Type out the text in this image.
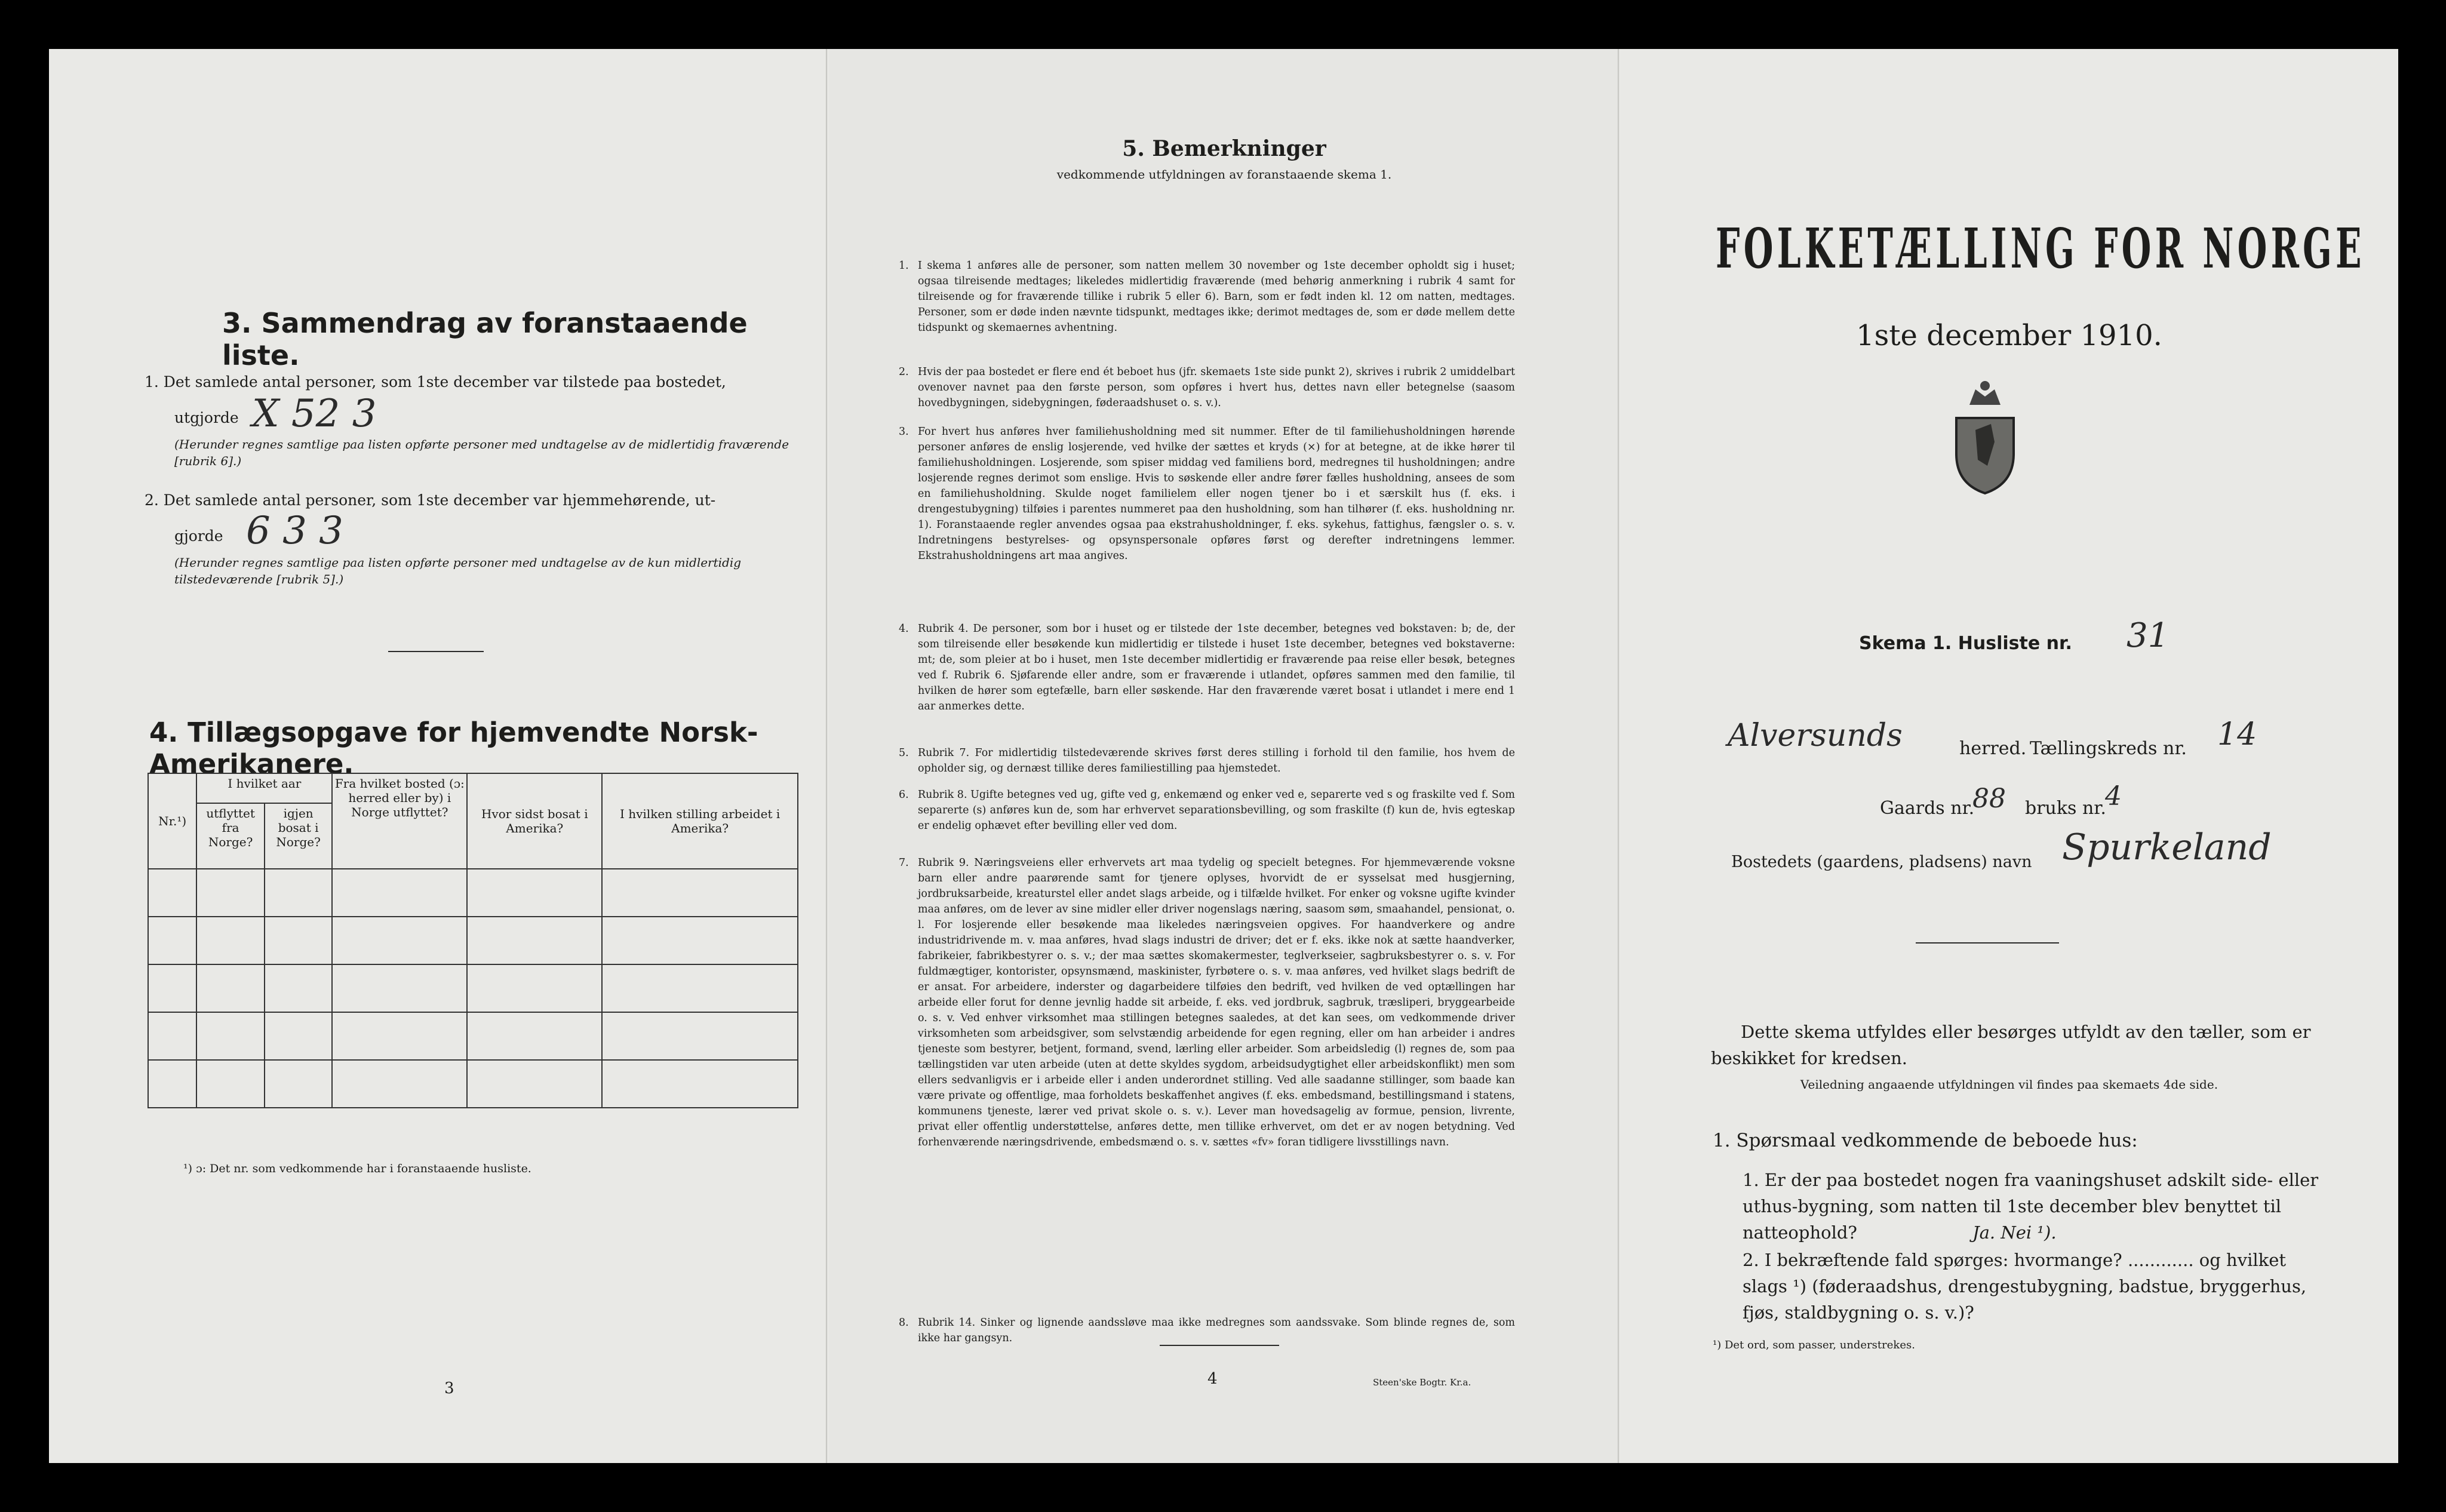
3. Sammendrag av foranstaaende liste.
1. Det samlede antal personer, som 1ste december var tilstede paa bostedet,
utgjorde X 52 3
(Herunder regnes samtlige paa listen opførte personer med undtagelse av de midlertidig fraværende [rubrik 6].)
2. Det samlede antal personer, som 1ste december var hjemmehørende, ut-
gjorde 6 3 3
(Herunder regnes samtlige paa listen opførte personer med undtagelse av de kun midlertidig tilstedeværende [rubrik 5].)
4. Tillægsopgave for hjemvendte Norsk-Amerikanere.
Nr.¹)	I hvilket aar		Fra hvilket bosted (ɔ: herred eller by) i Norge utflyttet?	Hvor sidst bosat i Amerika?	I hvilken stilling arbeidet i Amerika?
	utflyttet fra Norge?	igjen bosat i Norge?			

¹) ɔ: Det nr. som vedkommende har i foranstaaende husliste.
3
5. Bemerkninger
vedkommende utfyldningen av foranstaaende skema 1.
1. I skema 1 anføres alle de personer, som natten mellem 30 november og 1ste december opholdt sig i huset; ogsaa tilreisende medtages; likeledes midlertidig fraværende (med behørig anmerkning i rubrik 4 samt for tilreisende og for fraværende tillike i rubrik 5 eller 6). Barn, som er født inden kl. 12 om natten, medtages. Personer, som er døde inden nævnte tidspunkt, medtages ikke; derimot medtages de, som er døde mellem dette tidspunkt og skemaernes avhentning.
2. Hvis der paa bostedet er flere end ét beboet hus (jfr. skemaets 1ste side punkt 2), skrives i rubrik 2 umiddelbart ovenover navnet paa den første person, som opføres i hvert hus, dettes navn eller betegnelse (saasom hovedbygningen, sidebygningen, føderaadshuset o. s. v.).
3. For hvert hus anføres hver familiehusholdning med sit nummer. Efter de til familiehusholdningen hørende personer anføres de enslig losjerende, ved hvilke der sættes et kryds (×) for at betegne, at de ikke hører til familiehusholdningen. Losjerende, som spiser middag ved familiens bord, medregnes til husholdningen; andre losjerende regnes derimot som enslige. Hvis to søskende eller andre fører fælles husholdning, ansees de som en familiehusholdning. Skulde noget familielem eller nogen tjener bo i et særskilt hus (f. eks. i drengestubygning) tilføies i parentes nummeret paa den husholdning, som han tilhører (f. eks. husholdning nr. 1). Foranstaaende regler anvendes ogsaa paa ekstrahusholdninger, f. eks. sykehus, fattighus, fængsler o. s. v. Indretningens bestyrelses- og opsynspersonale opføres først og derefter indretningens lemmer. Ekstrahusholdningens art maa angives.
4. Rubrik 4. De personer, som bor i huset og er tilstede der 1ste december, betegnes ved bokstaven: b; de, der som tilreisende eller besøkende kun midlertidig er tilstede i huset 1ste december, betegnes ved bokstaverne: mt; de, som pleier at bo i huset, men 1ste december midlertidig er fraværende paa reise eller besøk, betegnes ved f. Rubrik 6. Sjøfarende eller andre, som er fraværende i utlandet, opføres sammen med den familie, til hvilken de hører som egtefælle, barn eller søskende. Har den fraværende været bosat i utlandet i mere end 1 aar anmerkes dette.
5. Rubrik 7. For midlertidig tilstedeværende skrives først deres stilling i forhold til den familie, hos hvem de opholder sig, og dernæst tillike deres familiestilling paa hjemstedet.
6. Rubrik 8. Ugifte betegnes ved ug, gifte ved g, enkemænd og enker ved e, separerte ved s og fraskilte ved f. Som separerte (s) anføres kun de, som har erhvervet separationsbevilling, og som fraskilte (f) kun de, hvis egteskap er endelig ophævet efter bevilling eller ved dom.
7. Rubrik 9. Næringsveiens eller erhvervets art maa tydelig og specielt betegnes. For hjemmeværende voksne barn eller andre paarørende samt for tjenere oplyses, hvorvidt de er sysselsat med husgjerning, jordbruksarbeide, kreaturstel eller andet slags arbeide, og i tilfælde hvilket. For enker og voksne ugifte kvinder maa anføres, om de lever av sine midler eller driver nogenslags næring, saasom søm, smaahandel, pensionat, o. l. For losjerende eller besøkende maa likeledes næringsveien opgives. For haandverkere og andre industridrivende m. v. maa anføres, hvad slags industri de driver; det er f. eks. ikke nok at sætte haandverker, fabrikeier, fabrikbestyrer o. s. v.; der maa sættes skomakermester, teglverkseier, sagbruksbestyrer o. s. v. For fuldmægtiger, kontorister, opsynsmænd, maskinister, fyrbøtere o. s. v. maa anføres, ved hvilket slags bedrift de er ansat. For arbeidere, inderster og dagarbeidere tilføies den bedrift, ved hvilken de ved optællingen har arbeide eller forut for denne jevnlig hadde sit arbeide, f. eks. ved jordbruk, sagbruk, træsliperi, bryggearbeide o. s. v. Ved enhver virksomhet maa stillingen betegnes saaledes, at det kan sees, om vedkommende driver virksomheten som arbeidsgiver, som selvstændig arbeidende for egen regning, eller om han arbeider i andres tjeneste som bestyrer, betjent, formand, svend, lærling eller arbeider. Som arbeidsledig (l) regnes de, som paa tællingstiden var uten arbeide (uten at dette skyldes sygdom, arbeidsudygtighet eller arbeidskonflikt) men som ellers sedvanligvis er i arbeide eller i anden underordnet stilling. Ved alle saadanne stillinger, som baade kan være private og offentlige, maa forholdets beskaffenhet angives (f. eks. embedsmand, bestillingsmand i statens, kommunens tjeneste, lærer ved privat skole o. s. v.). Lever man hovedsagelig av formue, pension, livrente, privat eller offentlig understøttelse, anføres dette, men tillike erhvervet, om det er av nogen betydning. Ved forhenværende næringsdrivende, embedsmænd o. s. v. sættes «fv» foran tidligere livsstillings navn.
8. Rubrik 14. Sinker og lignende aandssløve maa ikke medregnes som aandssvake. Som blinde regnes de, som ikke har gangsyn.
4	Steen'ske Bogtr. Kr.a.
FOLKETÆLLING FOR NORGE
1ste december 1910.
Skema 1. Husliste nr. 31
Alversunds	herred. Tællingskreds nr. 14
Gaards nr.
88 bruks nr.
4
Bostedets (gaardens, pladsens) navn Spurkeland
Dette skema utfyldes eller besørges utfyldt av den tæller, som er beskikket for kredsen.
Veiledning angaaende utfyldningen vil findes paa skemaets 4de side.
1. Spørsmaal vedkommende de beboede hus:
1. Er der paa bostedet nogen fra vaaningshuset adskilt side- eller uthus-bygning, som natten til 1ste december blev benyttet til natteophold?	Ja. Nei ¹).
2. I bekræftende fald spørges: hvormange? ............ og hvilket slags ¹) (føderaadshus, drengestubygning, badstue, bryggerhus, fjøs, staldbygning o. s. v.)?
¹) Det ord, som passer, understrekes.
